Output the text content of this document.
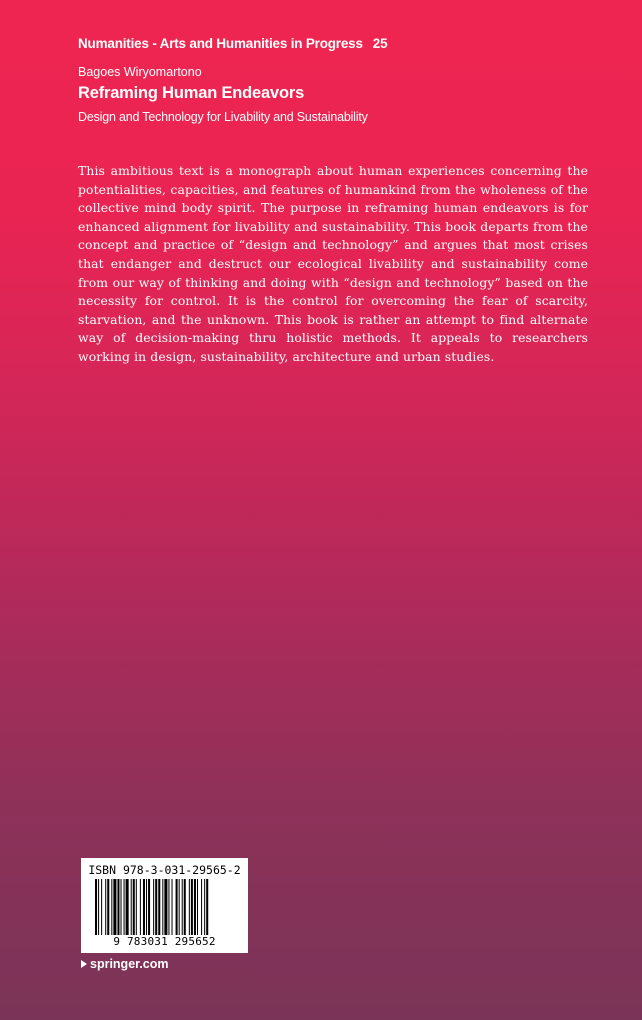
Numanities - Arts and Humanities in Progress 25
Bagoes Wiryomartono
Reframing Human Endeavors
Design and Technology for Livability and Sustainability

This ambitious text is a monograph about human experiences concerning the potentialities, capacities, and features of humankind from the wholeness of the collective mind body spirit. The purpose in reframing human endeavors is for enhanced alignment for livability and sustainability. This book departs from the concept and practice of “design and technology” and argues that most crises that endanger and destruct our ecological livability and sustainability come from our way of thinking and doing with “design and technology” based on the necessity for control. It is the control for overcoming the fear of scarcity, starvation, and the unknown. This book is rather an attempt to find alternate way of decision-making thru holistic methods. It appeals to researchers working in design, sustainability, architecture and urban studies.

ISBN 978-3-031-29565-2
9 783031 295652
springer.com
